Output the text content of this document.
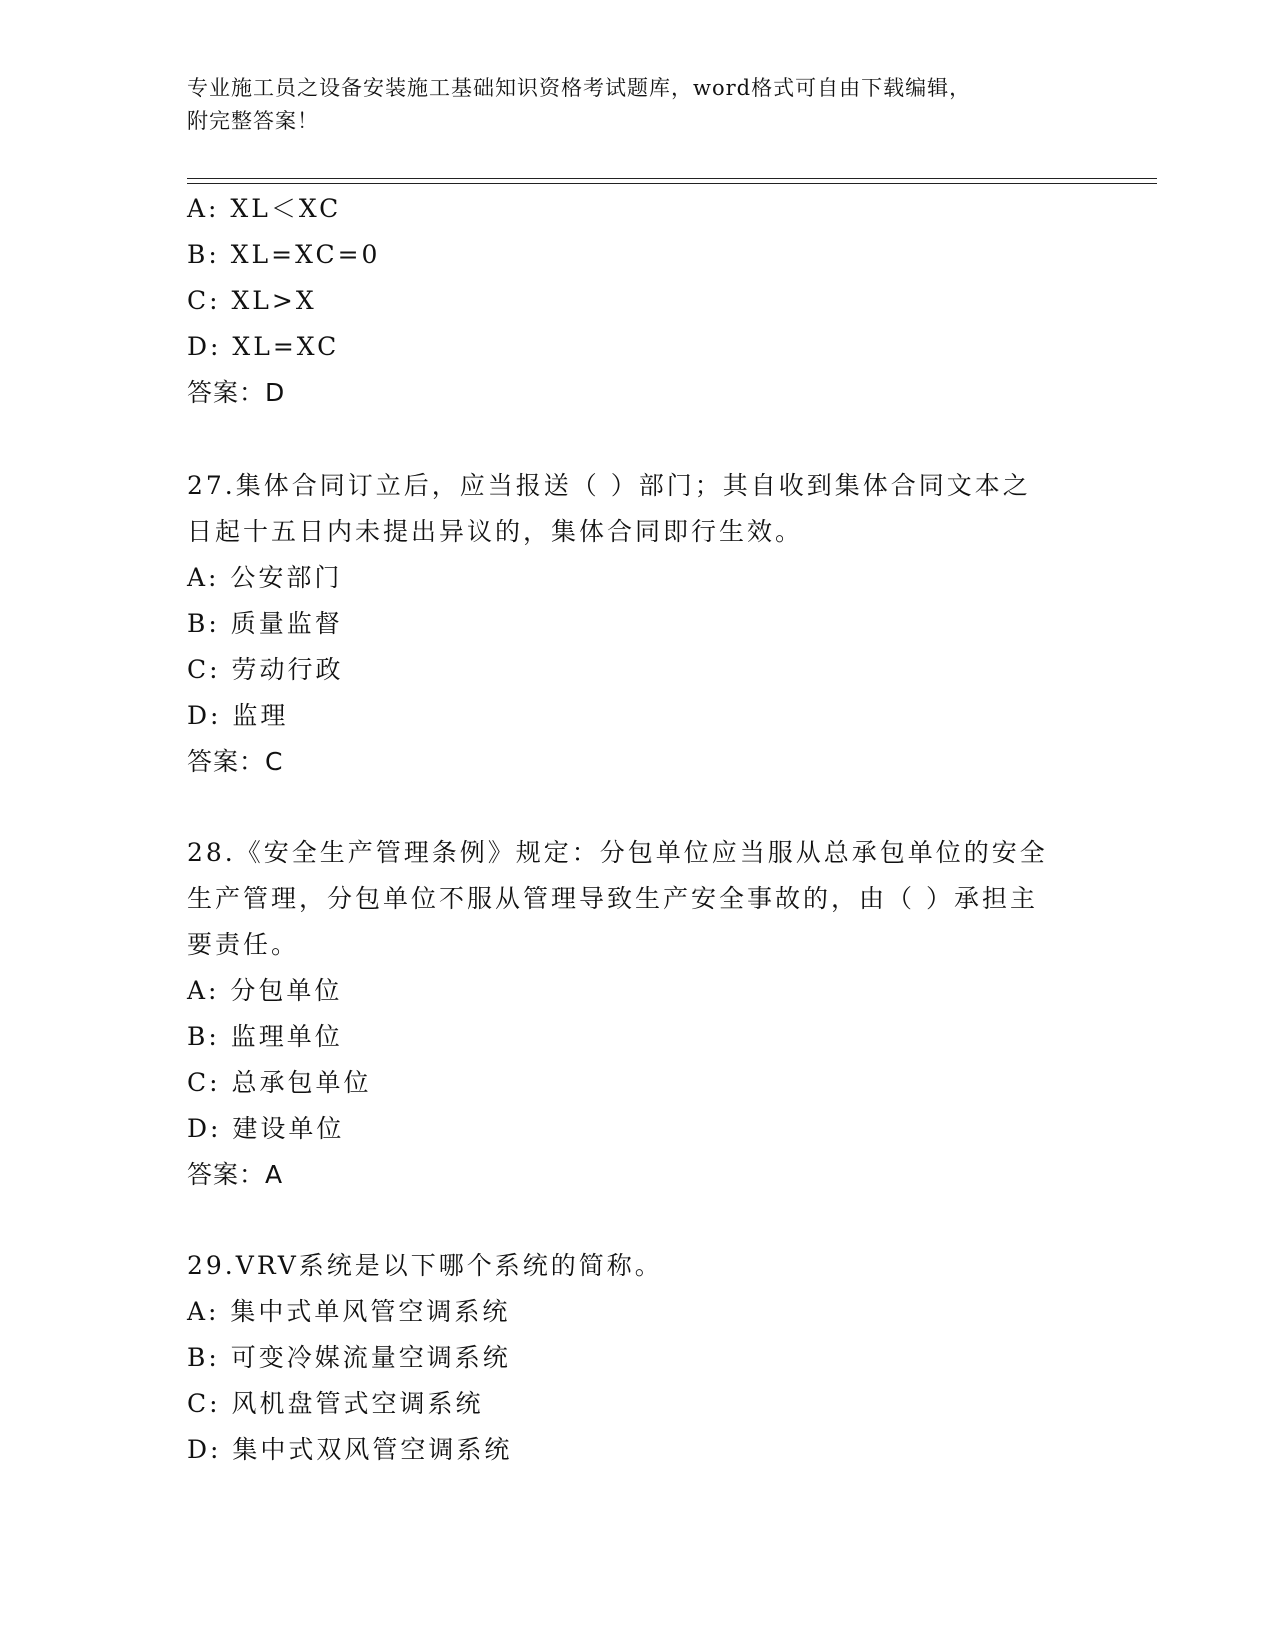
专业施工员之设备安装施工基础知识资格考试题库，word格式可自由下载编辑，
附完整答案！
A: XL＜XC
B: XL=XC=0
C: XL>X
D: XL=XC
答案：D
27.集体合同订立后，应当报送（ ）部门；其自收到集体合同文本之
日起十五日内未提出异议的，集体合同即行生效。
A: 公安部门
B: 质量监督
C: 劳动行政
D: 监理
答案：C
28.《安全生产管理条例》规定：分包单位应当服从总承包单位的安全
生产管理，分包单位不服从管理导致生产安全事故的，由（ ）承担主
要责任。
A: 分包单位
B: 监理单位
C: 总承包单位
D: 建设单位
答案：A
29.VRV系统是以下哪个系统的简称。
A: 集中式单风管空调系统
B: 可变冷媒流量空调系统
C: 风机盘管式空调系统
D: 集中式双风管空调系统
